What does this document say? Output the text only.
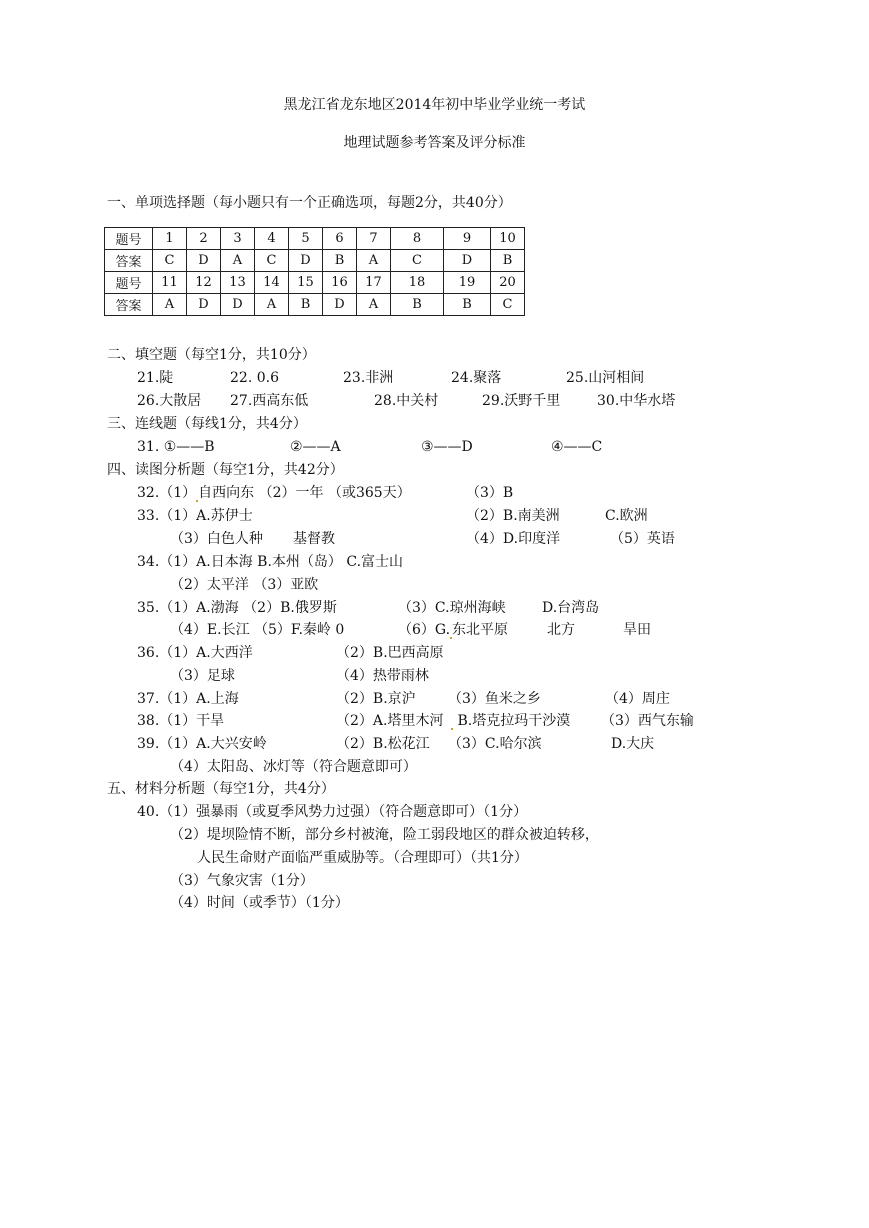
黑龙江省龙东地区2014年初中毕业学业统一考试
地理试题参考答案及评分标准
一、单项选择题（每小题只有一个正确选项，每题2分，共40分）
题号	1	2	3	4	5	6	7	8	9	10
答案	C	D	A	C	D	B	A	C	D	B
题号	11	12	13	14	15	16	17	18	19	20
答案	A	D	D	A	B	D	A	B	B	C
二、填空题（每空1分，共10分）
21.陡	22. 0.6	23.非洲	24.聚落	25.山河相间
26.大散居 27.西高东低	28.中关村	29.沃野千里	30.中华水塔
三、连线题（每线1分，共4分）
31. ①——B	②——A	③——D	④——C
四、读图分析题（每空1分，共42分）
32.（1） 自西向东 （2）一年 （或365天）	（3）B
33.（1）A.苏伊士	（2）B.南美洲	C.欧洲
（3）白色人种 基督教	（4）D.印度洋	（5）英语
34.（1）A.日本海 B.本州（岛） C.富士山
（2）太平洋 （3）亚欧
35.（1）A.渤海 （2）B.俄罗斯	（3）C.琼州海峡	D.台湾岛
（4）E.长江 （5）F.秦岭 0	（6）G. 东北平原	北方	旱田
36.（1）A.大西洋	（2）B.巴西高原
（3）足球	（4）热带雨林
37.（1）A.上海	（2）B.京沪 （3）鱼米之乡	（4）周庄
38.（1）干旱	（2）A.塔里木河 B.塔克拉玛干沙漠 （3）西气东输
39.（1）A.大兴安岭	（2）B.松花江 （3）C.哈尔滨	D.大庆
（4）太阳岛、冰灯等（符合题意即可）
五、材料分析题（每空1分，共4分）
40.（1）强暴雨（或夏季风势力过强）（符合题意即可）（1分）
（2）堤坝险情不断，部分乡村被淹，险工弱段地区的群众被迫转移，
人民生命财产面临严重威胁等。（合理即可）（共1分）
（3）气象灾害（1分）
（4）时间（或季节）（1分）
